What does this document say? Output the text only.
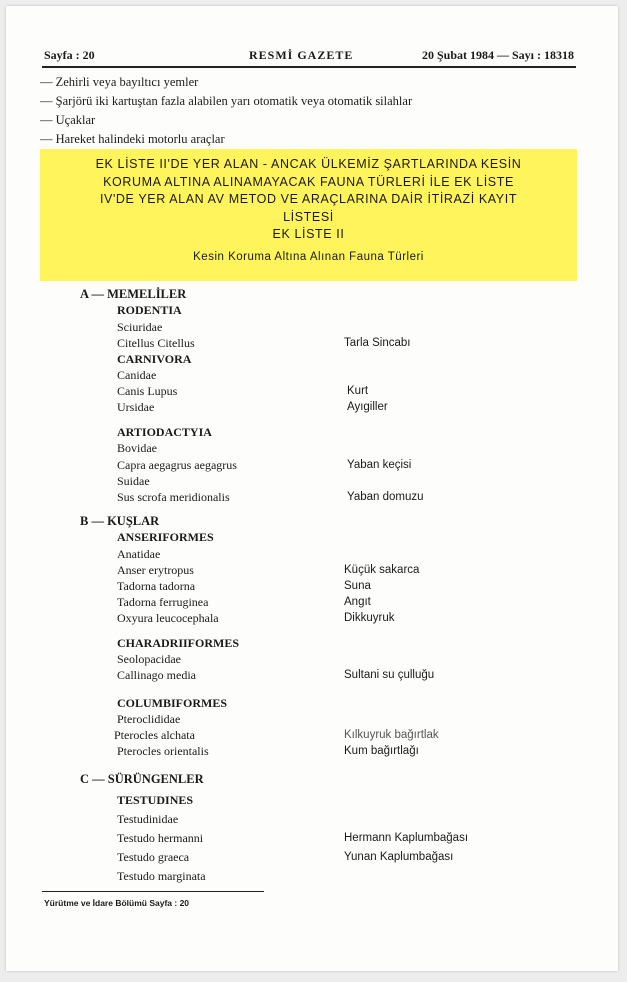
Sayfa : 20	RESMİ GAZETE	20 Şubat 1984 — Sayı : 18318
— Zehirli veya bayıltıcı yemler
— Şarjörü iki kartuştan fazla alabilen yarı otomatik veya otomatik silahlar
— Uçaklar
— Hareket halindeki motorlu araçlar
EK LİSTE II'DE YER ALAN - ANCAK ÜLKEMİZ ŞARTLARINDA KESİN
KORUMA ALTINA ALINAMAYACAK FAUNA TÜRLERİ İLE EK LİSTE
IV'DE YER ALAN AV METOD VE ARAÇLARINA DAİR İTİRAZİ KAYIT
LİSTESİ
EK LİSTE II
Kesin Koruma Altına Alınan Fauna Türleri
A — MEMELİLER
RODENTIA
Sciuridae
Citellus Citellus	Tarla Sincabı
CARNIVORA
Canidae
Canis Lupus	Kurt
Ursidae	Ayıgiller
ARTIODACTYIA
Bovidae
Capra aegagrus aegagrus	Yaban keçisi
Suidae
Sus scrofa meridionalis	Yaban domuzu
B — KUŞLAR
ANSERIFORMES
Anatidae
Anser erytropus	Küçük sakarca
Tadorna tadorna	Suna
Tadorna ferruginea	Angıt
Oxyura leucocephala	Dikkuyruk
CHARADRIIFORMES
Seolopacidae
Callinago media	Sultani su çulluğu
COLUMBIFORMES
Pteroclididae
Pterocles alchata	Kılkuyruk bağırtlak
Pterocles orientalis	Kum bağırtlağı
C — SÜRÜNGENLER
TESTUDINES
Testudinidae
Testudo hermanni	Hermann Kaplumbağası
Testudo graeca	Yunan Kaplumbağası
Testudo marginata
Yürütme ve İdare Bölümü Sayfa : 20
